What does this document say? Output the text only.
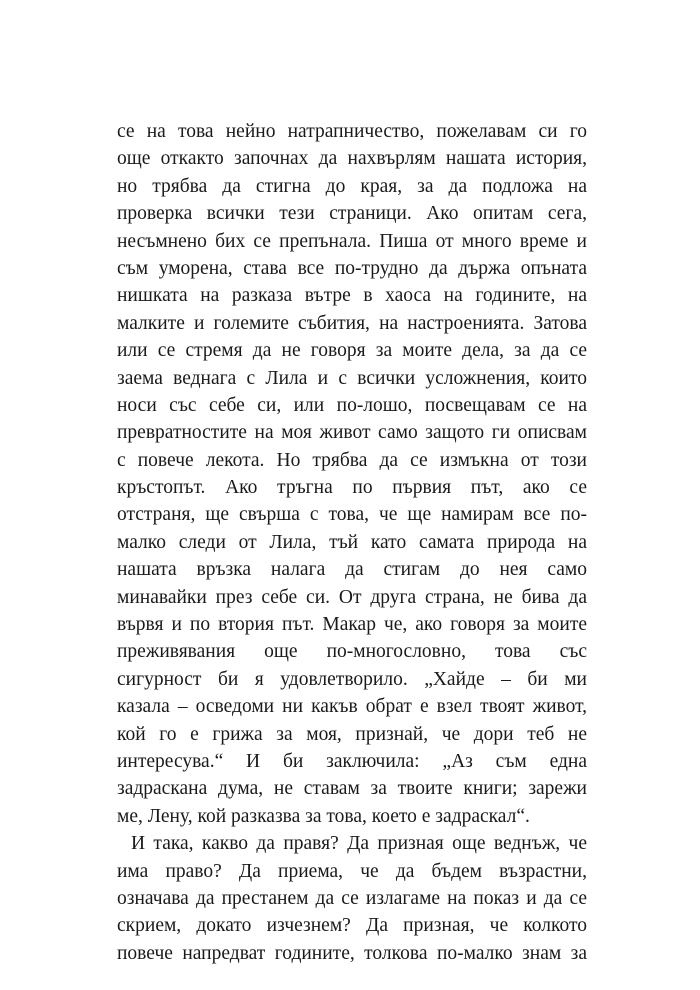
се на това нейно натрапничество, пожелавам си го
още откакто започнах да нахвърлям нашата история,
но трябва да стигна до края, за да подложа на
проверка всички тези страници. Ако опитам сега,
несъмнено бих се препънала. Пиша от много време и
съм уморена, става все по-трудно да държа опъната
нишката на разказа вътре в хаоса на годините, на
малките и големите събития, на настроенията. Затова
или се стремя да не говоря за моите дела, за да се
заема веднага с Лила и с всички усложнения, които
носи със себе си, или по-лошо, посвещавам се на
превратностите на моя живот само защото ги описвам
с повече лекота. Но трябва да се измъкна от този
кръстопът. Ако тръгна по първия път, ако се
отстраня, ще свърша с това, че ще намирам все по-
малко следи от Лила, тъй като самата природа на
нашата връзка налага да стигам до нея само
минавайки през себе си. От друга страна, не бива да
вървя и по втория път. Макар че, ако говоря за моите
преживявания още по-многословно, това със
сигурност би я удовлетворило. „Хайде – би ми
казала – осведоми ни какъв обрат е взел твоят живот,
кой го е грижа за моя, признай, че дори теб не
интересува.“ И би заключила: „Аз съм една
задраскана дума, не ставам за твоите книги; зарежи
ме, Лену, кой разказва за това, което е задраскал“.
И така, какво да правя? Да призная още веднъж, че
има право? Да приема, че да бъдем възрастни,
означава да престанем да се излагаме на показ и да се
скрием, докато изчезнем? Да призная, че колкото
повече напредват годините, толкова по-малко знам за
